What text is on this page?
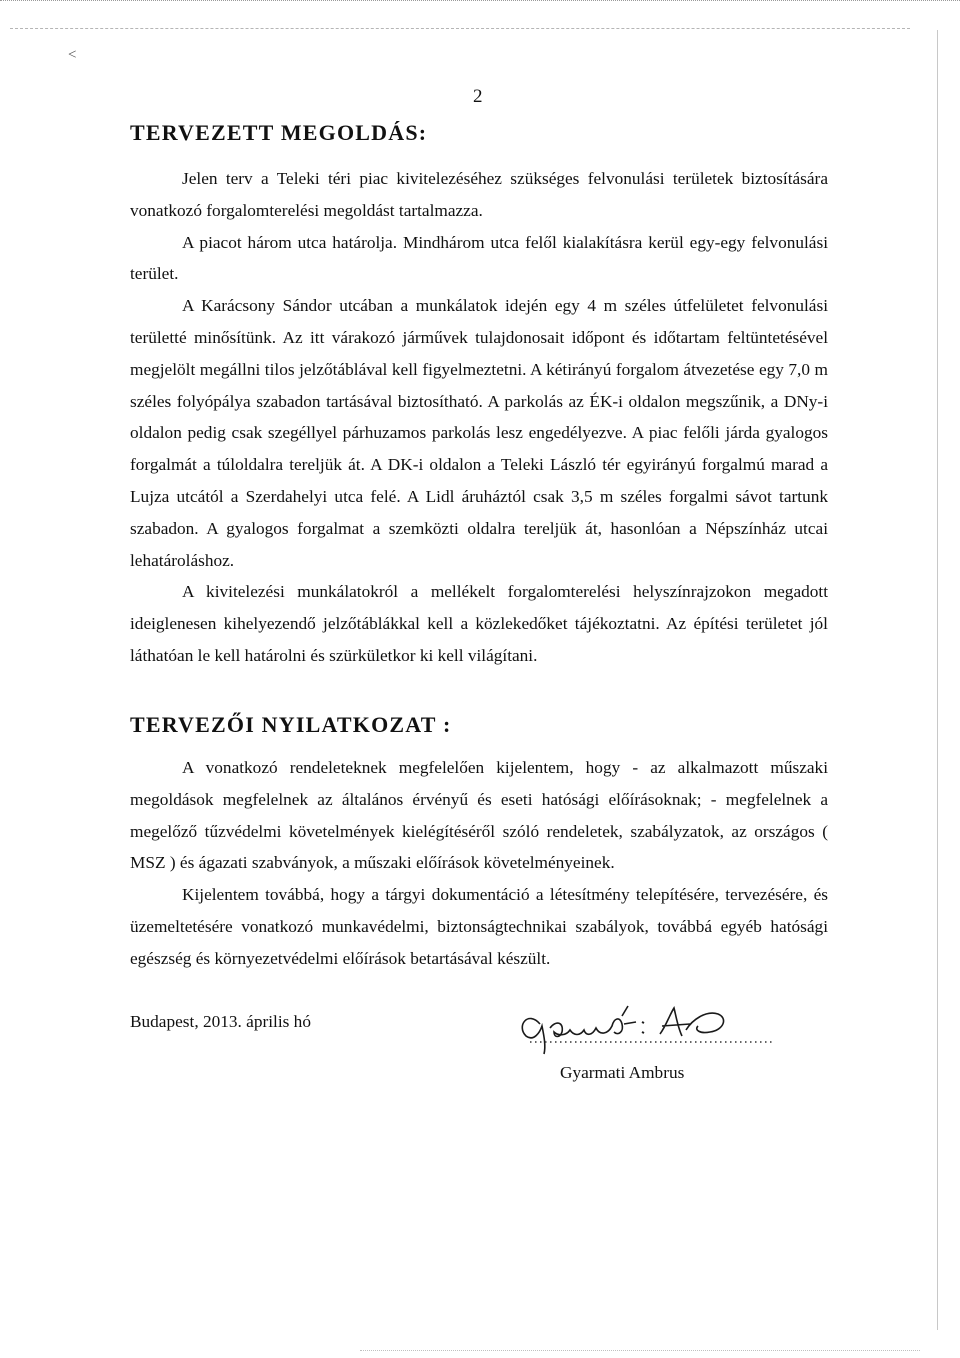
<
2
TERVEZETT MEGOLDÁS:

Jelen terv a Teleki téri piac kivitelezéséhez szükséges felvonulási területek biztosítására vonatkozó forgalomterelési megoldást tartalmazza.

A piacot három utca határolja. Mindhárom utca felől kialakításra kerül egy-egy felvonulási terület.

A Karácsony Sándor utcában a munkálatok idején egy 4 m széles útfelületet felvonulási területté minősítünk. Az itt várakozó járművek tulajdonosait időpont és időtartam feltüntetésével megjelölt megállni tilos jelzőtáblával kell figyelmeztetni. A kétirányú forgalom átvezetése egy 7,0 m széles folyópálya szabadon tartásával biztosítható. A parkolás az ÉK-i oldalon megszűnik, a DNy-i oldalon pedig csak szegéllyel párhuzamos parkolás lesz engedélyezve. A piac felőli járda gyalogos forgalmát a túloldalra tereljük át. A DK-i oldalon a Teleki László tér egyirányú forgalmú marad a Lujza utcától a Szerdahelyi utca felé. A Lidl áruháztól csak 3,5 m széles forgalmi sávot tartunk szabadon. A gyalogos forgalmat a szemközti oldalra tereljük át, hasonlóan a Népszínház utcai lehatároláshoz.

A kivitelezési munkálatokról a mellékelt forgalomterelési helyszínrajzokon megadott ideiglenesen kihelyezendő jelzőtáblákkal kell a közlekedőket tájékoztatni. Az építési területet jól láthatóan le kell határolni és szürkületkor ki kell világítani.

TERVEZŐI NYILATKOZAT :

A vonatkozó rendeleteknek megfelelően kijelentem, hogy - az alkalmazott műszaki megoldások megfelelnek az általános érvényű és eseti hatósági előírásoknak; - megfelelnek a megelőző tűzvédelmi követelmények kielégítéséről szóló rendeletek, szabályzatok, az országos ( MSZ ) és ágazati szabványok, a műszaki előírások követelményeinek.

Kijelentem továbbá, hogy a tárgyi dokumentáció a létesítmény telepítésére, tervezésére, és üzemeltetésére vonatkozó munkavédelmi, biztonságtechnikai szabályok, továbbá egyéb hatósági egészség és környezetvédelmi előírások betartásával készült.

Budapest, 2013. április hó
Gyarmati Ambrus
